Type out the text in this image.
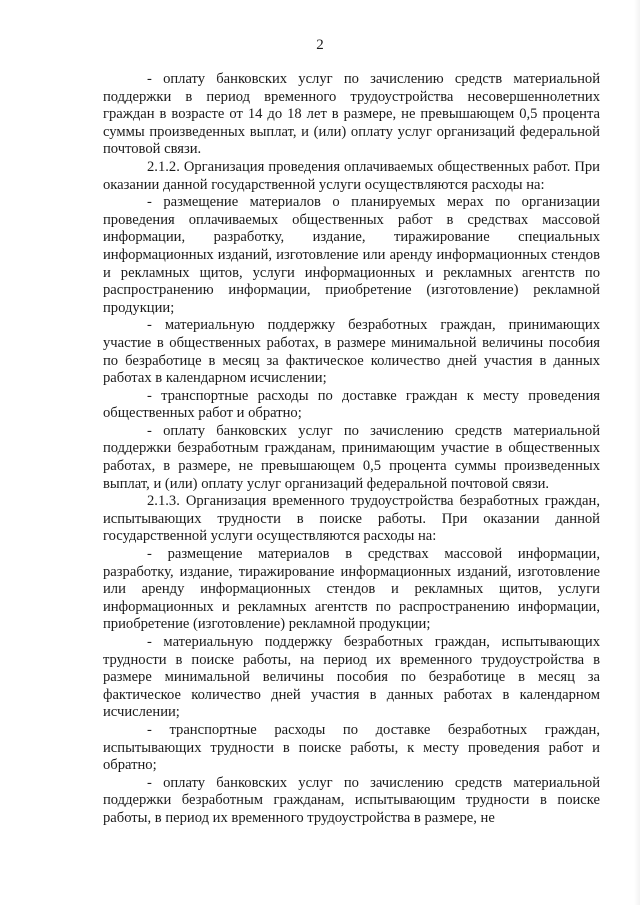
2

- оплату банковских услуг по зачислению средств материальной поддержки в период временного трудоустройства несовершеннолетних граждан в возрасте от 14 до 18 лет в размере, не превышающем 0,5 процента суммы произведенных выплат, и (или) оплату услуг организаций федеральной почтовой связи.

2.1.2. Организация проведения оплачиваемых общественных работ. При оказании данной государственной услуги осуществляются расходы на:

- размещение материалов о планируемых мерах по организации проведения оплачиваемых общественных работ в средствах массовой информации, разработку, издание, тиражирование специальных информационных изданий, изготовление или аренду информационных стендов и рекламных щитов, услуги информационных и рекламных агентств по распространению информации, приобретение (изготовление) рекламной продукции;

- материальную поддержку безработных граждан, принимающих участие в общественных работах, в размере минимальной величины пособия по безработице в месяц за фактическое количество дней участия в данных работах в календарном исчислении;

- транспортные расходы по доставке граждан к месту проведения общественных работ и обратно;

- оплату банковских услуг по зачислению средств материальной поддержки безработным гражданам, принимающим участие в общественных работах, в размере, не превышающем 0,5 процента суммы произведенных выплат, и (или) оплату услуг организаций федеральной почтовой связи.

2.1.3. Организация временного трудоустройства безработных граждан, испытывающих трудности в поиске работы. При оказании данной государственной услуги осуществляются расходы на:

- размещение материалов в средствах массовой информации, разработку, издание, тиражирование информационных изданий, изготовление или аренду информационных стендов и рекламных щитов, услуги информационных и рекламных агентств по распространению информации, приобретение (изготовление) рекламной продукции;

- материальную поддержку безработных граждан, испытывающих трудности в поиске работы, на период их временного трудоустройства в размере минимальной величины пособия по безработице в месяц за фактическое количество дней участия в данных работах в календарном исчислении;

- транспортные расходы по доставке безработных граждан, испытывающих трудности в поиске работы, к месту проведения работ и обратно;

- оплату банковских услуг по зачислению средств материальной поддержки безработным гражданам, испытывающим трудности в поиске работы, в период их временного трудоустройства в размере, не
